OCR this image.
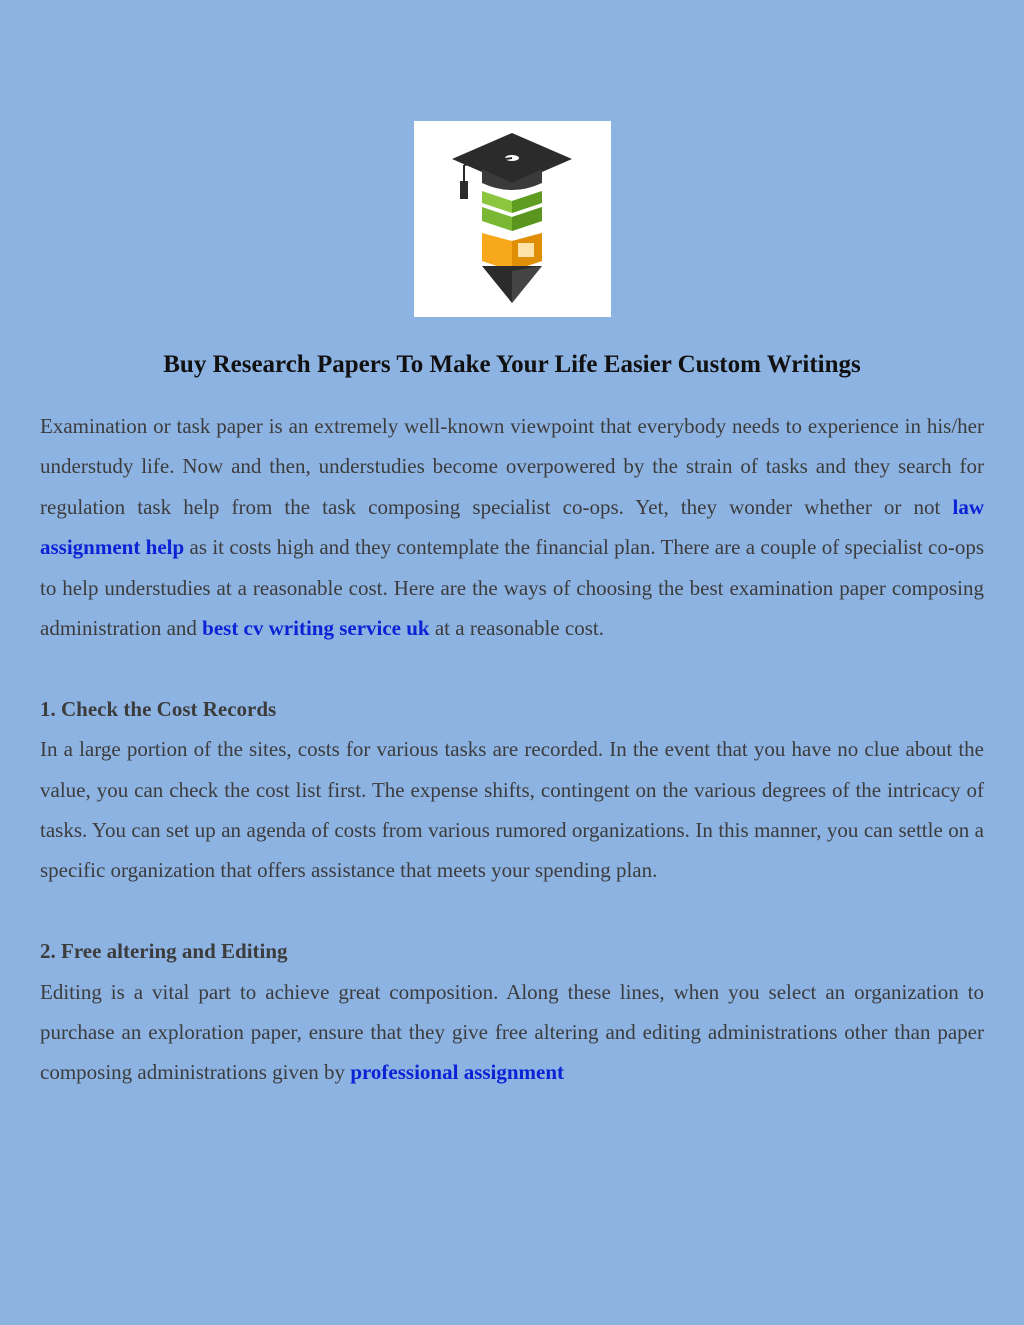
Buy Research Papers To Make Your Life Easier Custom Writings

Examination or task paper is an extremely well-known viewpoint that everybody needs to experience in his/her understudy life. Now and then, understudies become overpowered by the strain of tasks and they search for regulation task help from the task composing specialist co-ops. Yet, they wonder whether or not law assignment help as it costs high and they contemplate the financial plan. There are a couple of specialist co-ops to help understudies at a reasonable cost. Here are the ways of choosing the best examination paper composing administration and best cv writing service uk at a reasonable cost.

1. Check the Cost Records

In a large portion of the sites, costs for various tasks are recorded. In the event that you have no clue about the value, you can check the cost list first. The expense shifts, contingent on the various degrees of the intricacy of tasks. You can set up an agenda of costs from various rumored organizations. In this manner, you can settle on a specific organization that offers assistance that meets your spending plan.

2. Free altering and Editing

Editing is a vital part to achieve great composition. Along these lines, when you select an organization to purchase an exploration paper, ensure that they give free altering and editing administrations other than paper composing administrations given by professional assignment
